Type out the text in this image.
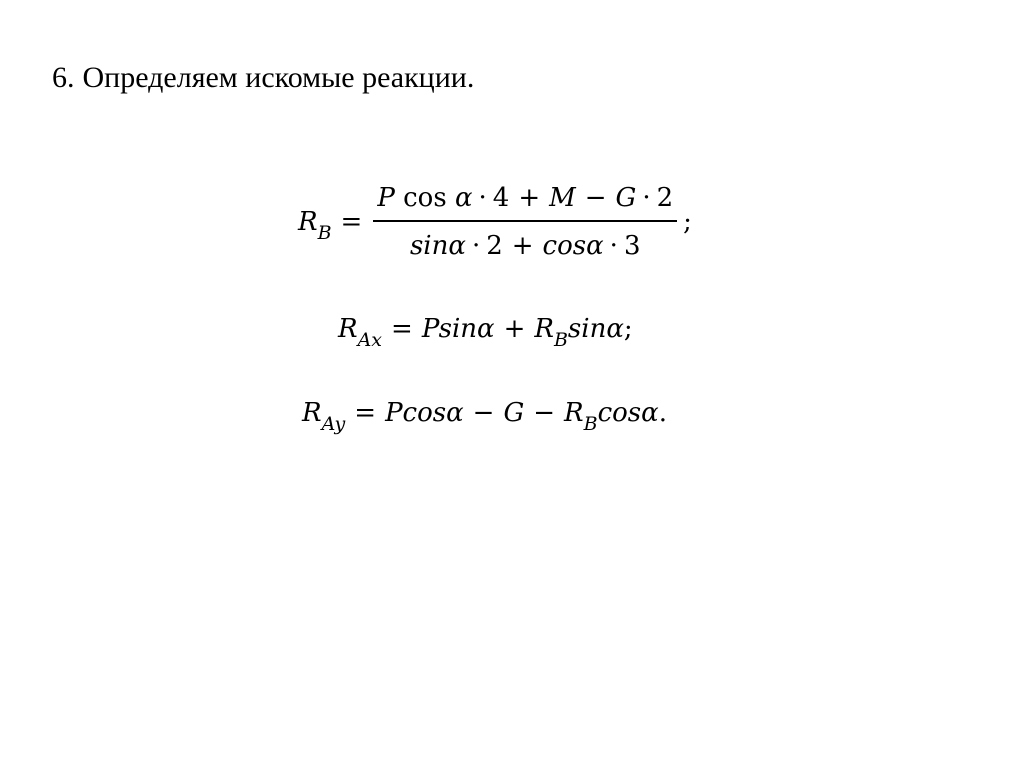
6. Определяем искомые реакции.
$R_B = \frac{\text{P cos α · 4 + M − G · 2}}{\sin\alpha \cdot 2 + \cos\alpha \cdot 3}$ ;
$R_{Ax} = Psin\alpha + R_B\sin\alpha$;
$R_{Ay} = Pcos\alpha - G - R_B\cos\alpha$.
